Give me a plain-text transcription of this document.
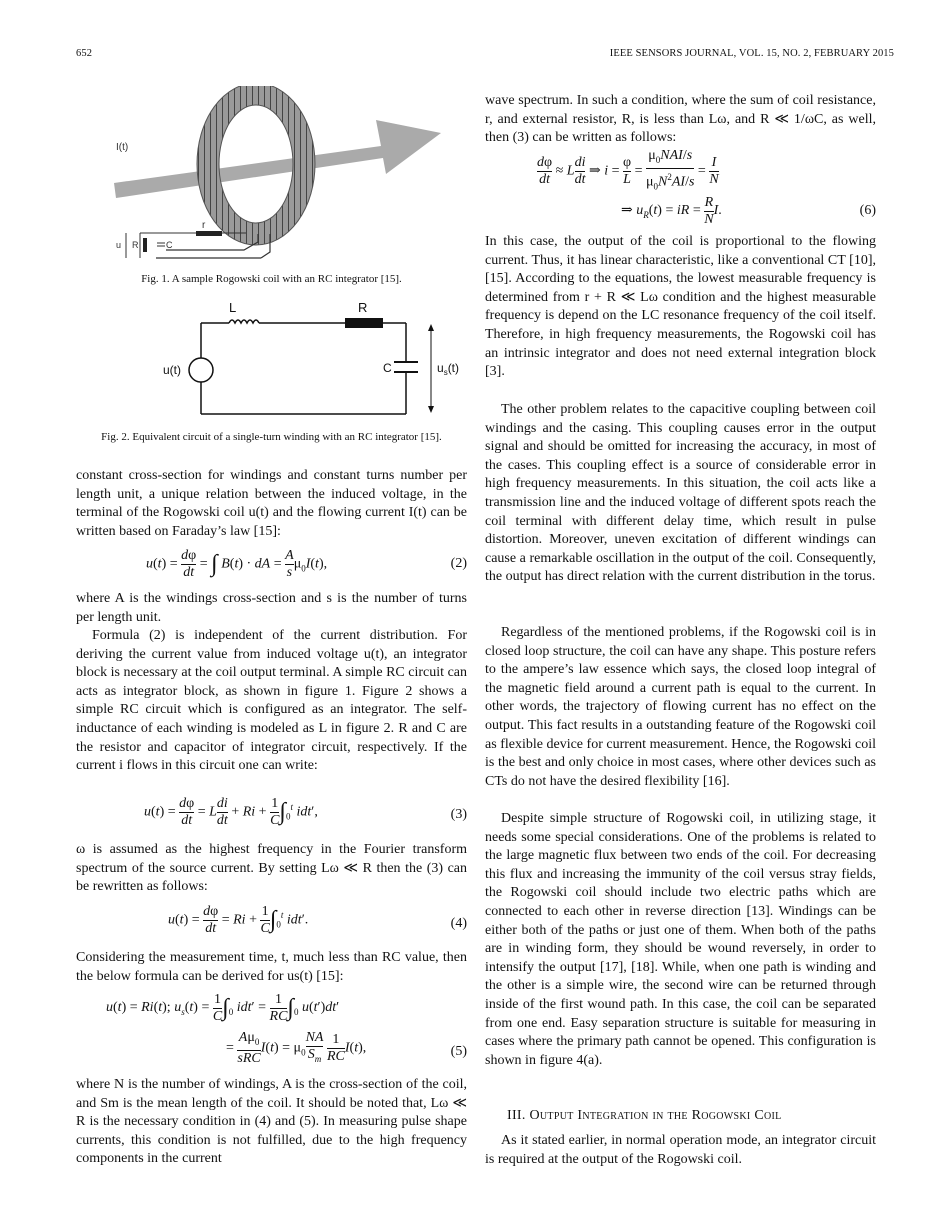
652	IEEE SENSORS JOURNAL, VOL. 15, NO. 2, FEBRUARY 2015
I(t)
r
R	C
u
Fig. 1. A sample Rogowski coil with an RC integrator [15].
L	R
u(t)	C	$u_s(t)$
Fig. 2. Equivalent circuit of a single-turn winding with an RC integrator [15].

constant cross-section for windings and constant turns number per length unit, a unique relation between the induced voltage, in the terminal of the Rogowski coil u(t) and the flowing current I(t) can be written based on Faraday’s law [15]:

$u(t) = \frac{d\varphi}{dt}$ = ∫ B(t) · dA = $\frac{A}{s} \mu_0I(t)$,	(2)

where A is the windings cross-section and s is the number of turns per length unit.

Formula (2) is independent of the current distribution. For deriving the current value from induced voltage u(t), an integrator block is necessary at the coil output terminal. A simple RC circuit can acts as integrator block, as shown in figure 1. Figure 2 shows a simple RC circuit which is configured as an integrator. The self-inductance of each winding is modeled as L in figure 2. R and C are the resistor and capacitor of integrator circuit, respectively. If the current i flows in this circuit one can write:

$u(t) = \frac{d\varphi}{dt} = L \frac{di}{dt} + Ri + \frac{1}{C} \int_0^t$ idt′,	(3)

ω is assumed as the highest frequency in the Fourier transform spectrum of the source current. By setting Lω ≪ R then the (3) can be rewritten as follows:

$u(t) = \frac{d\varphi}{dt} = Ri + \frac{1}{C} \int_0^t$ idt′.	(4)

Considering the measurement time, t, much less than RC value, then the below formula can be derived for us(t) [15]:

u(t) = Ri(t); $u_s(t) = \frac{1}{C} \int_0$ $idt' = \frac{1}{RC} \int_0$ u(t′)dt′
= $\frac{A\mu_0}{\text{sRC}} I(t) = \mu_0 \frac{NA}{S_m}$
$\frac{1}{RC} I(t)$,	(5)

where N is the number of windings, A is the cross-section of the coil, and Sm is the mean length of the coil. It should be noted that, Lω ≪ R is the necessary condition in (4) and (5). In measuring pulse shape currents, this condition is not fulfilled, due to the high frequency components in the current

wave spectrum. In such a condition, where the sum of coil resistance, r, and external resistor, R, is less than Lω, and R ≪ 1/ωC, as well, then (3) can be written as follows:

$\frac{d\varphi}{dt} \approx L \frac{di}{dt}$ ⇒ $i = \frac{\varphi}{L} = \frac{\mu_0NAI/s}{\mu_0N^2AI/s} = \frac{I}{N}$
⇒ $u_R(t)$ = iR = $\frac{R}{N} I$.	(6)

In this case, the output of the coil is proportional to the flowing current. Thus, it has linear characteristic, like a conventional CT [10], [15]. According to the equations, the lowest measurable frequency is determined from r + R ≪ Lω condition and the highest measurable frequency is depend on the LC resonance frequency of the coil itself. Therefore, in high frequency measurements, the Rogowski coil has an intrinsic integrator and does not need external integration block [3].

The other problem relates to the capacitive coupling between coil windings and the casing. This coupling causes error in the output signal and should be omitted for increasing the accuracy, in most of the cases. This coupling effect is a source of considerable error in high frequency measurements. In this situation, the coil acts like a transmission line and the induced voltage of different spots reach the coil terminal with different delay time, which result in pulse distortion. Moreover, uneven excitation of different windings can cause a remarkable oscillation in the output of the coil. Consequently, the output has direct relation with the current distribution in the torus.

Regardless of the mentioned problems, if the Rogowski coil is in closed loop structure, the coil can have any shape. This posture refers to the ampere’s law essence which says, the closed loop integral of the magnetic field around a current path is equal to the current. In other words, the trajectory of flowing current has no effect on the output. This fact results in a outstanding feature of the Rogowski coil as flexible device for current measurement. Hence, the Rogowski coil is the best and only choice in most cases, where other devices such as CTs do not have the desired flexibility [16].

Despite simple structure of Rogowski coil, in utilizing stage, it needs some special considerations. One of the problems is related to the large magnetic flux between two ends of the coil. For decreasing this flux and increasing the immunity of the coil versus stray fields, the Rogowski coil should include two electric paths which are connected to each other in reverse direction [13]. Windings can be either both of the paths or just one of them. When both of the paths are in winding form, they should be wound reversely, in order to intensify the output [17], [18]. While, when one path is winding and the other is a simple wire, the second wire can be returned through inside of the first wound path. In this case, the coil can be separated from one end. Easy separation structure is suitable for measuring in cases where the primary path cannot be opened. This configuration is shown in figure 4(a).

III. Output Integration in the Rogowski Coil

As it stated earlier, in normal operation mode, an integrator circuit is required at the output of the Rogowski coil.
